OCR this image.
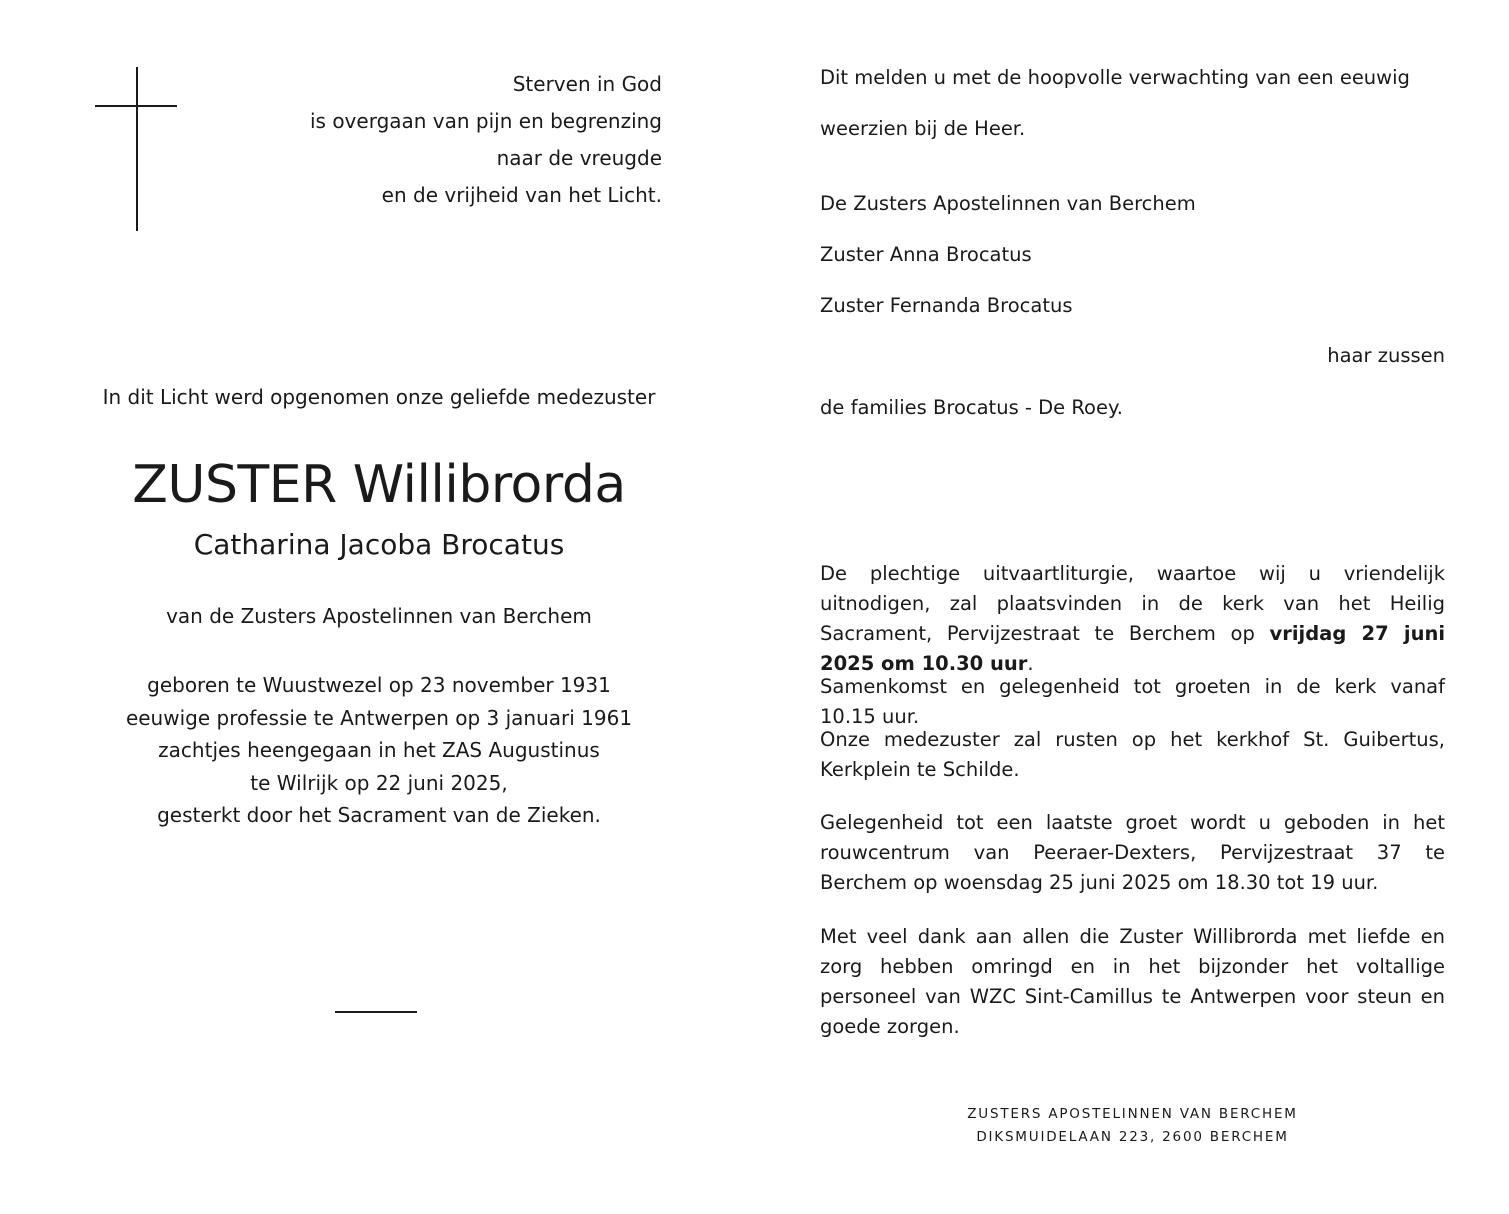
Sterven in God
is overgaan van pijn en begrenzing
naar de vreugde
en de vrijheid van het Licht.
In dit Licht werd opgenomen onze geliefde medezuster
ZUSTER Willibrorda
Catharina Jacoba Brocatus
van de Zusters Apostelinnen van Berchem
geboren te Wuustwezel op 23 november 1931
eeuwige professie te Antwerpen op 3 januari 1961
zachtjes heengegaan in het ZAS Augustinus
te Wilrijk op 22 juni 2025,
gesterkt door het Sacrament van de Zieken.
Dit melden u met de hoopvolle verwachting van een eeuwig
weerzien bij de Heer.
De Zusters Apostelinnen van Berchem
Zuster Anna Brocatus
Zuster Fernanda Brocatus
de families Brocatus - De Roey.
haar zussen
De plechtige uitvaartliturgie, waartoe wij u vriendelijk uitnodigen, zal plaatsvinden in de kerk van het Heilig Sacrament, Pervijzestraat te Berchem op vrijdag 27 juni 2025 om 10.30 uur.
Samenkomst en gelegenheid tot groeten in de kerk vanaf 10.15 uur.
Onze medezuster zal rusten op het kerkhof St. Guibertus, Kerkplein te Schilde.
Gelegenheid tot een laatste groet wordt u geboden in het rouwcentrum van Peeraer-Dexters, Pervijzestraat 37 te Berchem op woensdag 25 juni 2025 om 18.30 tot 19 uur.
Met veel dank aan allen die Zuster Willibrorda met liefde en zorg hebben omringd en in het bijzonder het voltallige personeel van WZC Sint-Camillus te Antwerpen voor steun en goede zorgen.
ZUSTERS APOSTELINNEN VAN BERCHEM
DIKSMUIDELAAN 223, 2600 BERCHEM
